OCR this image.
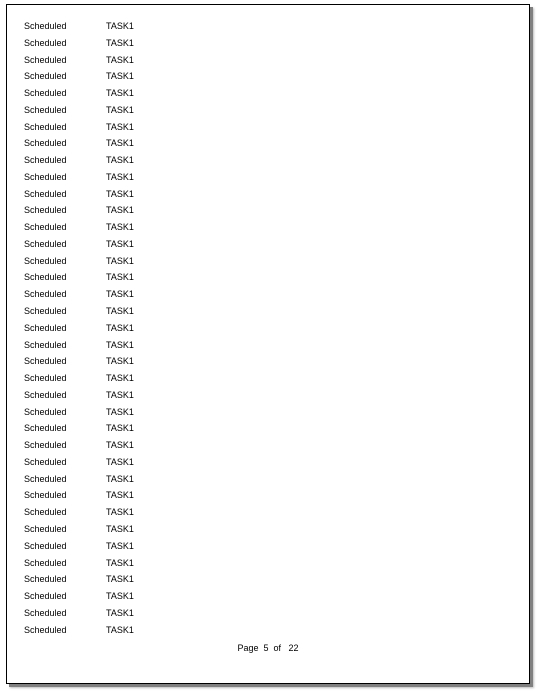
Scheduled	TASK1
Scheduled	TASK1
Scheduled	TASK1
Scheduled	TASK1
Scheduled	TASK1
Scheduled	TASK1
Scheduled	TASK1
Scheduled	TASK1
Scheduled	TASK1
Scheduled	TASK1
Scheduled	TASK1
Scheduled	TASK1
Scheduled	TASK1
Scheduled	TASK1
Scheduled	TASK1
Scheduled	TASK1
Scheduled	TASK1
Scheduled	TASK1
Scheduled	TASK1
Scheduled	TASK1
Scheduled	TASK1
Scheduled	TASK1
Scheduled	TASK1
Scheduled	TASK1
Scheduled	TASK1
Scheduled	TASK1
Scheduled	TASK1
Scheduled	TASK1
Scheduled	TASK1
Scheduled	TASK1
Scheduled	TASK1
Scheduled	TASK1
Scheduled	TASK1
Scheduled	TASK1
Scheduled	TASK1
Scheduled	TASK1
Scheduled	TASK1
Page  5  of   22
